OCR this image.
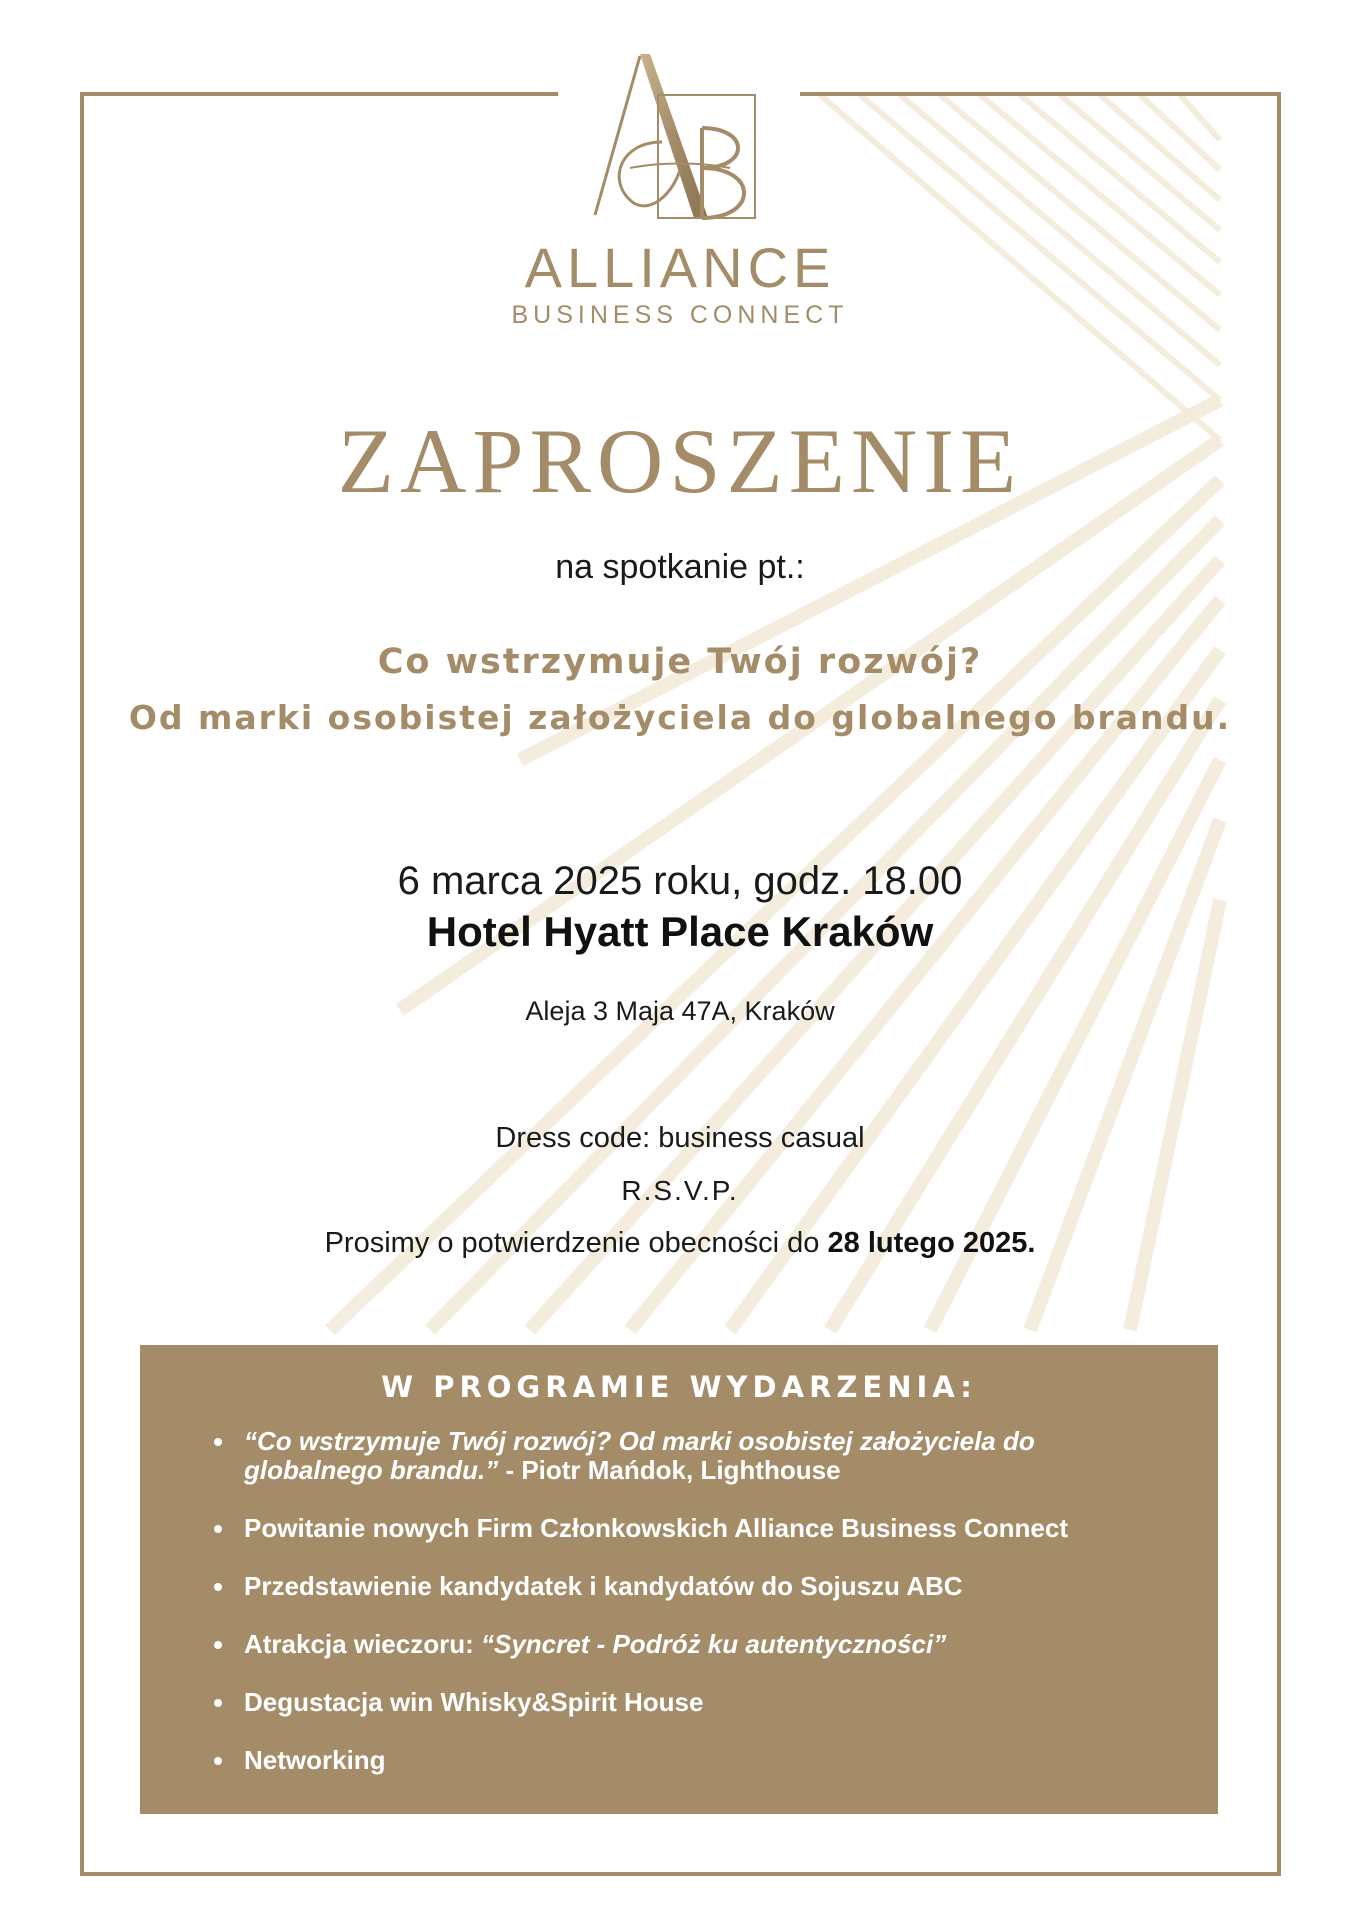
ALLIANCE
BUSINESS CONNECT
ZAPROSZENIE
na spotkanie pt.:
Co wstrzymuje Twój rozwój?
Od marki osobistej założyciela do globalnego brandu.
6 marca 2025 roku, godz. 18.00
Hotel Hyatt Place Kraków
Aleja 3 Maja 47A, Kraków
Dress code: business casual
R.S.V.P.
Prosimy o potwierdzenie obecności do 28 lutego 2025.
W PROGRAMIE WYDARZENIA:
“Co wstrzymuje Twój rozwój? Od marki osobistej założyciela do
globalnego brandu.” - Piotr Mańdok, Lighthouse
Powitanie nowych Firm Członkowskich Alliance Business Connect
Przedstawienie kandydatek i kandydatów do Sojuszu ABC
Atrakcja wieczoru: “Syncret - Podróż ku autentyczności”
Degustacja win Whisky&Spirit House
Networking
